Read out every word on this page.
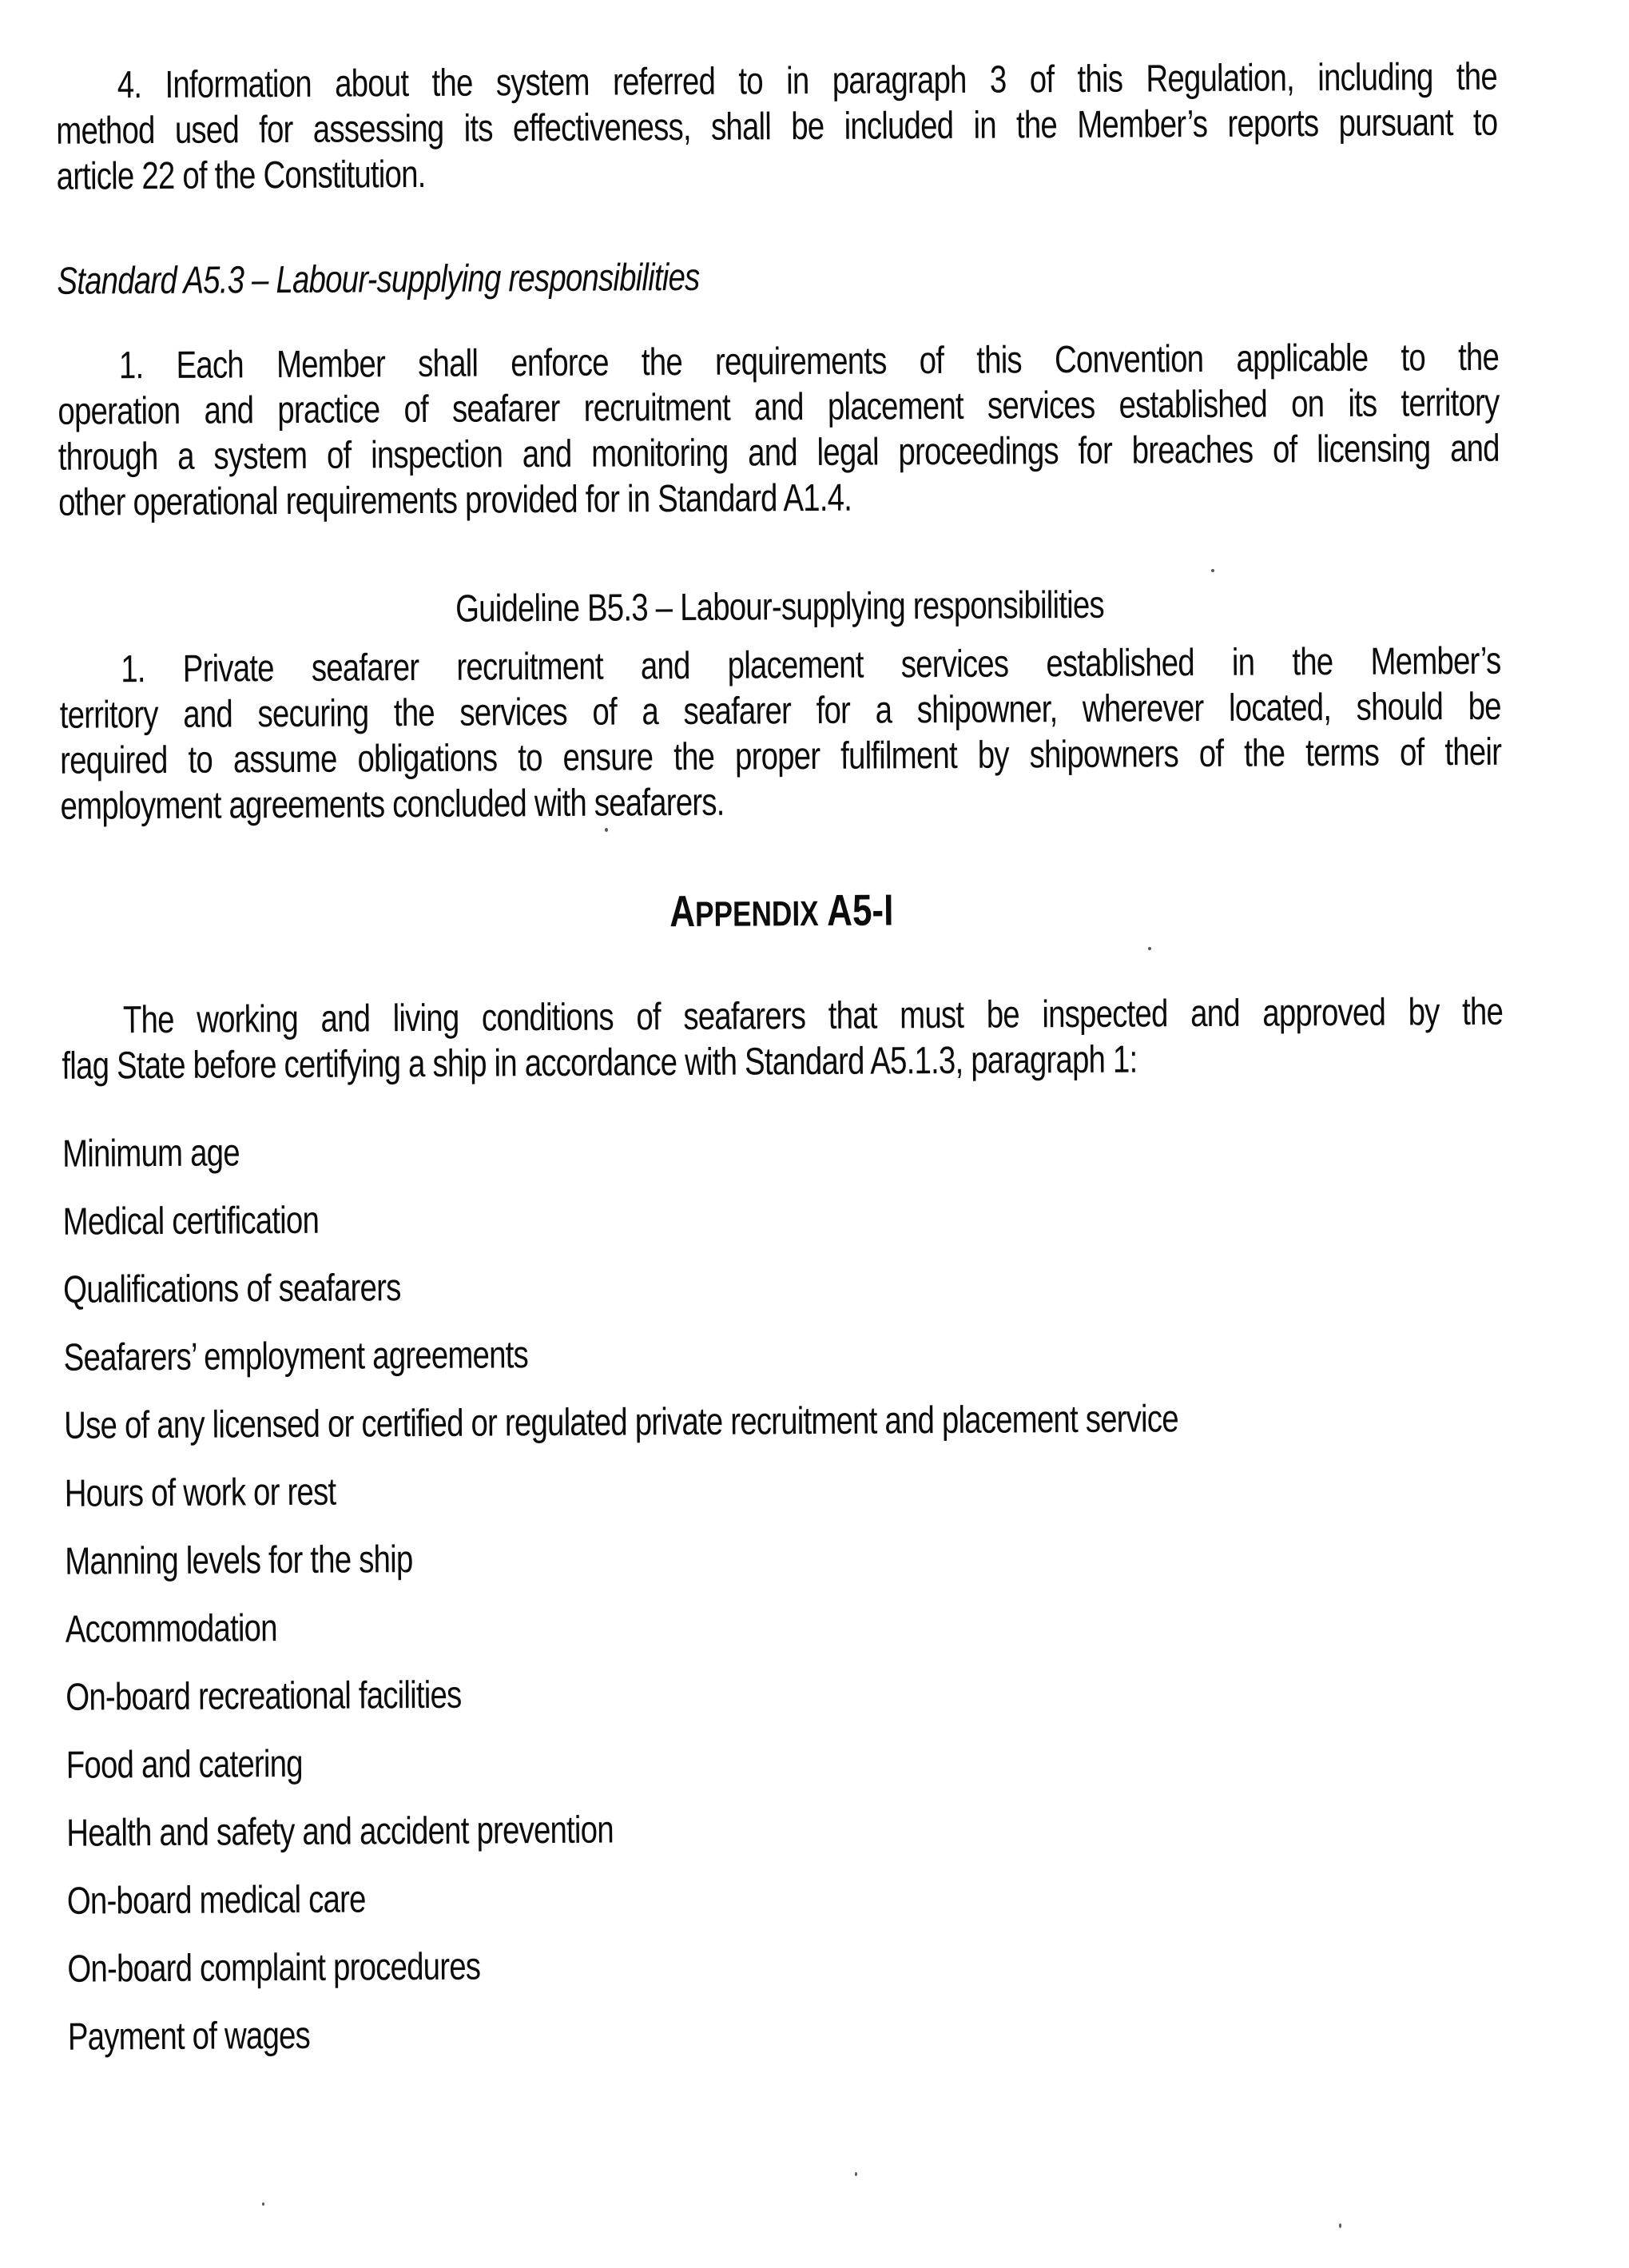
4. Information about the system referred to in paragraph 3 of this Regulation, including the
method used for assessing its effectiveness, shall be included in the Member’s reports pursuant to
article 22 of the Constitution.
Standard A5.3 – Labour-supplying responsibilities
1. Each Member shall enforce the requirements of this Convention applicable to the
operation and practice of seafarer recruitment and placement services established on its territory
through a system of inspection and monitoring and legal proceedings for breaches of licensing and
other operational requirements provided for in Standard A1.4.
Guideline B5.3 – Labour-supplying responsibilities
1. Private seafarer recruitment and placement services established in the Member’s
territory and securing the services of a seafarer for a shipowner, wherever located, should be
required to assume obligations to ensure the proper fulfilment by shipowners of the terms of their
employment agreements concluded with seafarers.
APPENDIX A5-I
The working and living conditions of seafarers that must be inspected and approved by the
flag State before certifying a ship in accordance with Standard A5.1.3, paragraph 1:
Minimum age
Medical certification
Qualifications of seafarers
Seafarers’ employment agreements
Use of any licensed or certified or regulated private recruitment and placement service
Hours of work or rest
Manning levels for the ship
Accommodation
On-board recreational facilities
Food and catering
Health and safety and accident prevention
On-board medical care
On-board complaint procedures
Payment of wages
